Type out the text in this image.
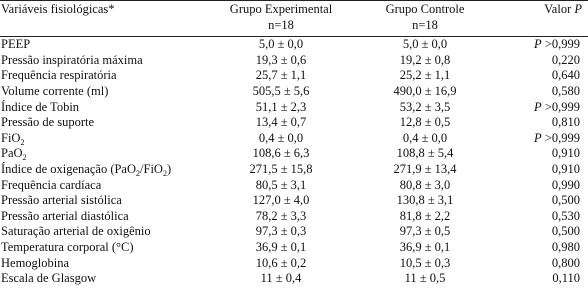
Variáveis fisiológicas*	Grupo Experimental	Grupo Controle	Valor P
	n=18	n=18	
PEEP	5,0 ± 0,0	5,0 ± 0,0	P >0,999
Pressão inspiratória máxima	19,3 ± 0,6	19,2 ± 0,8	0,220
Frequência respiratória	25,7 ± 1,1	25,2 ± 1,1	0,640
Volume corrente (ml)	505,5 ± 5,6	490,0 ± 16,9	0,580
Índice de Tobin	51,1 ± 2,3	53,2 ± 3,5	P >0,999
Pressão de suporte	13,4 ± 0,7	12,8 ± 0,5	0,810
FiO$_2$	0,4 ± 0,0	0,4 ± 0,0	P >0,999
PaO$_2$	108,6 ± 6,3	108,8 ± 5,4	0,910
Índice de oxigenação (PaO$_2$/FiO$_2$)	271,5 ± 15,8	271,9 ± 13,4	0,910
Frequência cardíaca	80,5 ± 3,1	80,8 ± 3,0	0,990
Pressão arterial sistólica	127,0 ± 4,0	130,8 ± 3,1	0,500
Pressão arterial diastólica	78,2 ± 3,3	81,8 ± 2,2	0,530
Saturação arterial de oxigênio	97,3 ± 0,3	97,3 ± 0,5	0,500
Temperatura corporal (°C)	36,9 ± 0,1	36,9 ± 0,1	0,980
Hemoglobina	10,6 ± 0,2	10,5 ± 0,3	0,800
Escala de Glasgow	11 ± 0,4	11 ± 0,5	0,110
